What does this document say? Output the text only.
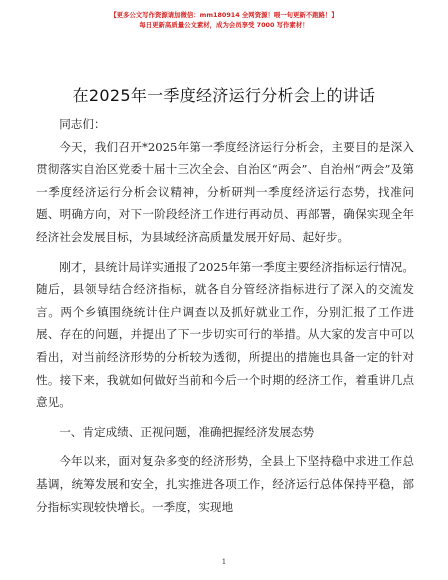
【更多公文写作资源请加微信：mm180914 全网资源！喂一句更新不跑路！】
每日更新高质量公文素材，成为会员享受 7000 写作素材！
在2025年一季度经济运行分析会上的讲话

同志们：

今天，我们召开*2025年第一季度经济运行分析会，主要目的是深入贯彻落实自治区党委十届十三次全会、自治区“两会”、自治州“两会”及第一季度经济运行分析会议精神，分析研判一季度经济运行态势，找准问题、明确方向，对下一阶段经济工作进行再动员、再部署，确保实现全年经济社会发展目标，为县域经济高质量发展开好局、起好步。

刚才，县统计局详实通报了2025年第一季度主要经济指标运行情况。随后，县领导结合经济指标，就各自分管经济指标进行了深入的交流发言。两个乡镇围绕统计住户调查以及抓好就业工作，分别汇报了工作进展、存在的问题，并提出了下一步切实可行的举措。从大家的发言中可以看出，对当前经济形势的分析较为透彻，所提出的措施也具备一定的针对性。接下来，我就如何做好当前和今后一个时期的经济工作，着重讲几点意见。

一、肯定成绩、正视问题，准确把握经济发展态势

今年以来，面对复杂多变的经济形势，全县上下坚持稳中求进工作总基调，统筹发展和安全，扎实推进各项工作，经济运行总体保持平稳，部分指标实现较快增长。一季度，实现地

1
